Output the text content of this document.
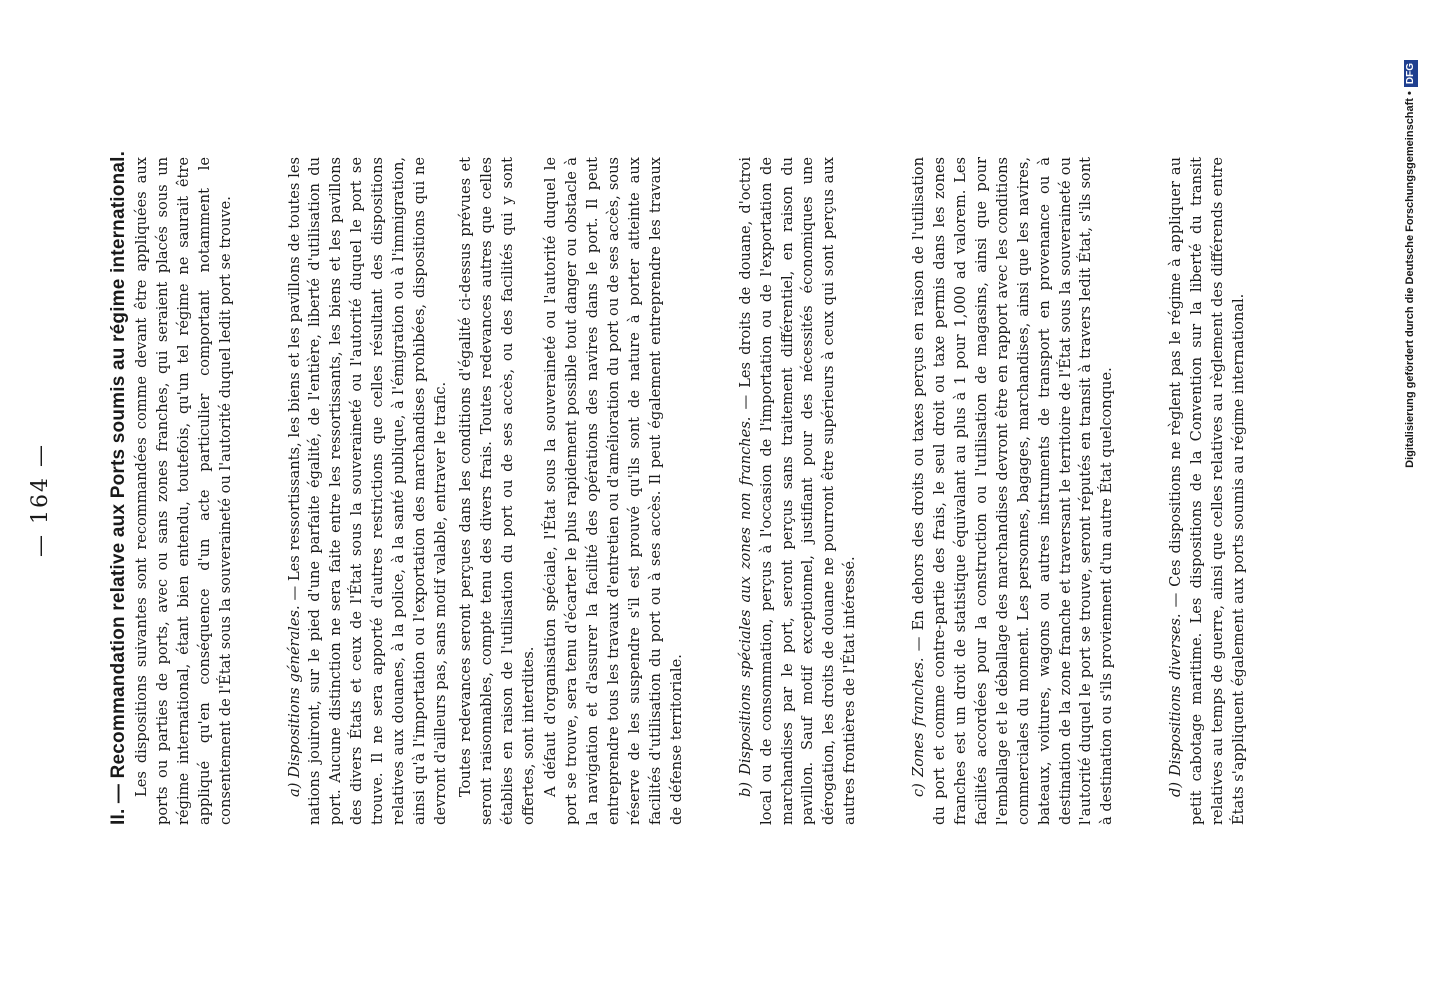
— 164 —	II. — Recommandation relative aux Ports soumis au régime international. Les dispositions suivantes sont recommandées comme devant être appliquées aux ports ou parties de ports, avec ou sans zones franches, qui seraient placés sous un régime international, étant bien entendu, toutefois, qu'un tel régime ne saurait être appliqué qu'en conséquence d'un acte particulier comportant notamment le consentement de l'État sous la souveraineté ou l'autorité duquel ledit port se trouve.	a) Dispositions générales. — Les ressortissants, les biens et les pavillons de toutes les nations jouiront, sur le pied d'une parfaite égalité, de l'entière, liberté d'utilisation du port. Aucune distinction ne sera faite entre les ressortissants, les biens et les pavillons des divers États et ceux de l'État sous la souveraineté ou l'autorité duquel le port se trouve. Il ne sera apporté d'autres restrictions que celles résultant des dispositions relatives aux douanes, à la police, à la santé publique, à l'émigration ou à l'immigration, ainsi qu'à l'importation ou l'exportation des marchandises prohibées, dispositions qui ne devront d'ailleurs pas, sans motif valable, entraver le trafic. Toutes redevances seront perçues dans les conditions d'égalité ci-dessus prévues et seront raisonnables, compte tenu des divers frais. Toutes redevances autres que celles établies en raison de l'utilisation du port ou de ses accès, ou des facilités qui y sont offertes, sont interdites. A défaut d'organisation spéciale, l'État sous la souveraineté ou l'autorité duquel le port se trouve, sera tenu d'écarter le plus rapidement possible tout danger ou obstacle à la navigation et d'assurer la facilité des opérations des navires dans le port. Il peut entreprendre tous les travaux d'entretien ou d'amélioration du port ou de ses accès, sous réserve de les suspendre s'il est prouvé qu'ils sont de nature à porter atteinte aux facilités d'utilisation du port ou à ses accès. Il peut également entreprendre les travaux de défense territoriale.	b) Dispositions spéciales aux zones non franches. — Les droits de douane, d'octroi local ou de consommation, perçus à l'occasion de l'importation ou de l'exportation de marchandises par le port, seront perçus sans traitement différentiel, en raison du pavillon. Sauf motif exceptionnel, justifiant pour des nécessités économiques une dérogation, les droits de douane ne pourront être supérieurs à ceux qui sont perçus aux autres frontières de l'État intéressé.	c) Zones franches. — En dehors des droits ou taxes perçus en raison de l'utilisation du port et comme contre-partie des frais, le seul droit ou taxe permis dans les zones franches est un droit de statistique équivalant au plus à 1 pour 1,000 ad valorem. Les facilités accordées pour la construction ou l'utilisation de magasins, ainsi que pour l'emballage et le déballage des marchandises devront être en rapport avec les conditions commerciales du moment. Les personnes, bagages, marchandises, ainsi que les navires, bateaux, voitures, wagons ou autres instruments de transport en provenance ou à destination de la zone franche et traversant le territoire de l'État sous la souveraineté ou l'autorité duquel le port se trouve, seront réputés en transit à travers ledit État, s'ils sont à destination ou s'ils proviennent d'un autre État quelconque.	d) Dispositions diverses. — Ces dispositions ne règlent pas le régime à appliquer au petit cabotage maritime. Les dispositions de la Convention sur la liberté du transit relatives au temps de guerre, ainsi que celles relatives au règlement des différends entre États s'appliquent également aux ports soumis au régime international.

Digitalisierung gefördert durch die Deutsche Forschungsgemeinschaft •DFG
